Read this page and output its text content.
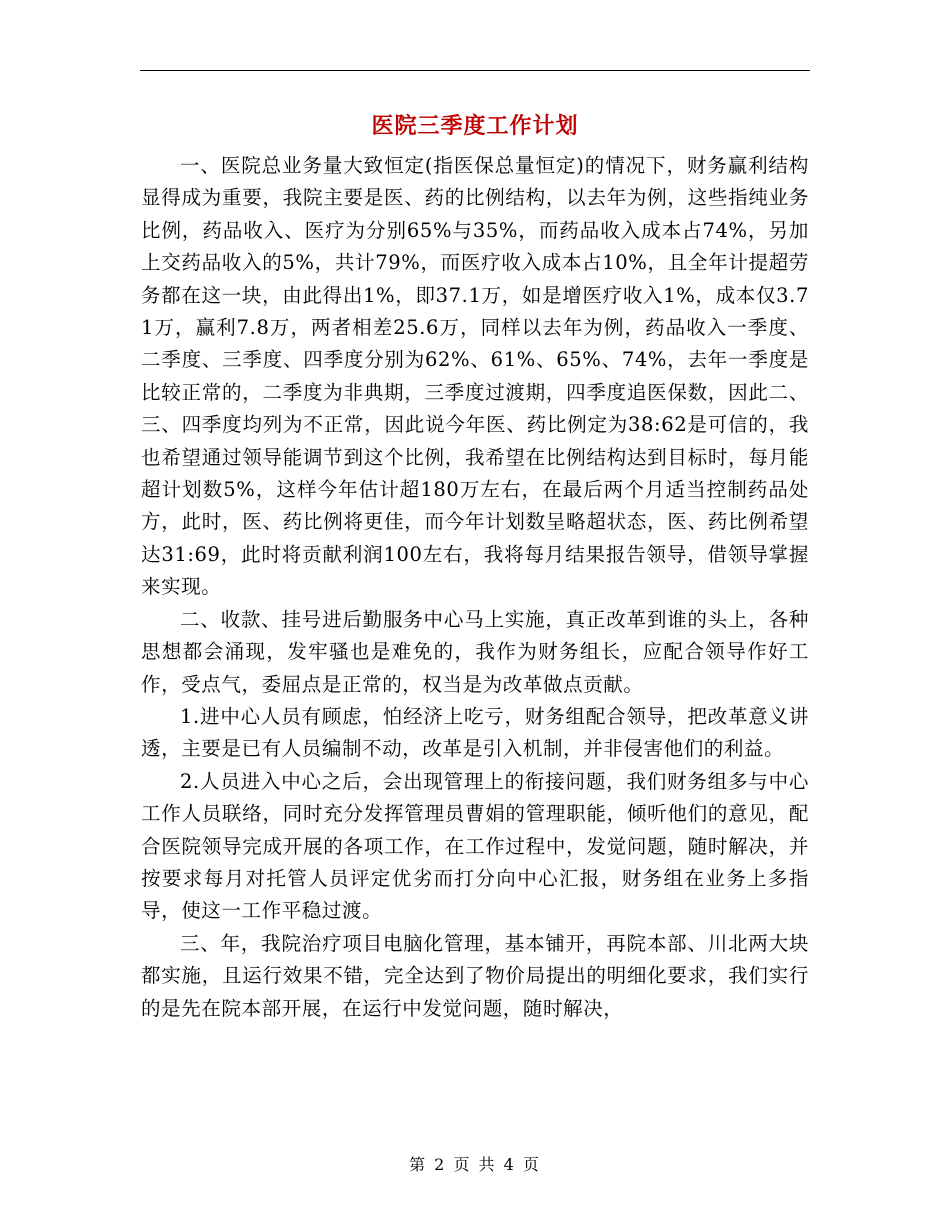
医院三季度工作计划

一、医院总业务量大致恒定(指医保总量恒定)的情况下，财务赢利结构显得成为重要，我院主要是医、药的比例结构，以去年为例，这些指纯业务比例，药品收入、医疗为分别65%与35%，而药品收入成本占74%，另加上交药品收入的5%，共计79%，而医疗收入成本占10%，且全年计提超劳务都在这一块，由此得出1%，即37.1万，如是增医疗收入1%，成本仅3.71万，赢利7.8万，两者相差25.6万，同样以去年为例，药品收入一季度、二季度、三季度、四季度分别为62%、61%、65%、74%，去年一季度是比较正常的，二季度为非典期，三季度过渡期，四季度追医保数，因此二、三、四季度均列为不正常，因此说今年医、药比例定为38:62是可信的，我也希望通过领导能调节到这个比例，我希望在比例结构达到目标时，每月能超计划数5%，这样今年估计超180万左右，在最后两个月适当控制药品处方，此时，医、药比例将更佳，而今年计划数呈略超状态，医、药比例希望达31:69，此时将贡献利润100左右，我将每月结果报告领导，借领导掌握来实现。

二、收款、挂号进后勤服务中心马上实施，真正改革到谁的头上，各种思想都会涌现，发牢骚也是难免的，我作为财务组长，应配合领导作好工作，受点气，委屈点是正常的，权当是为改革做点贡献。

1.进中心人员有顾虑，怕经济上吃亏，财务组配合领导，把改革意义讲透，主要是已有人员编制不动，改革是引入机制，并非侵害他们的利益。

2.人员进入中心之后，会出现管理上的衔接问题，我们财务组多与中心工作人员联络，同时充分发挥管理员曹娟的管理职能，倾听他们的意见，配合医院领导完成开展的各项工作，在工作过程中，发觉问题，随时解决，并按要求每月对托管人员评定优劣而打分向中心汇报，财务组在业务上多指导，使这一工作平稳过渡。

三、年，我院治疗项目电脑化管理，基本铺开，再院本部、川北两大块都实施，且运行效果不错，完全达到了物价局提出的明细化要求，我们实行的是先在院本部开展，在运行中发觉问题，随时解决，

第 2 页 共 4 页
